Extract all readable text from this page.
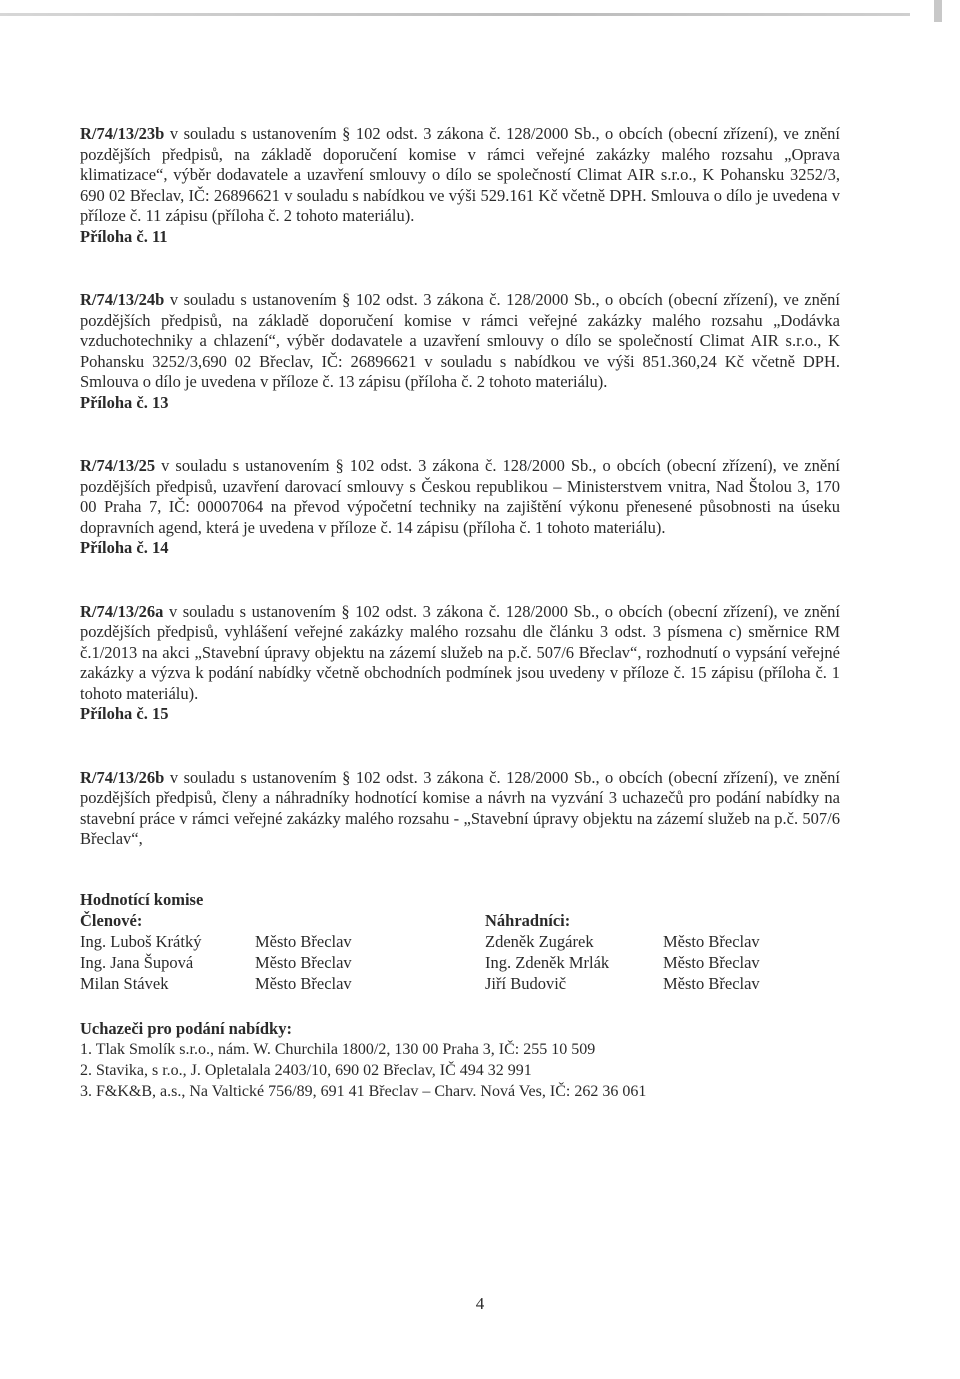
R/74/13/23b v souladu s ustanovením § 102 odst. 3 zákona č. 128/2000 Sb., o obcích (obecní zřízení), ve znění pozdějších předpisů, na základě doporučení komise v rámci veřejné zakázky malého rozsahu „Oprava klimatizace“, výběr dodavatele a uzavření smlouvy o dílo se společností Climat AIR s.r.o., K Pohansku 3252/3, 690 02 Břeclav, IČ: 26896621 v souladu s nabídkou ve výši 529.161 Kč včetně DPH. Smlouva o dílo je uvedena v příloze č. 11 zápisu (příloha č. 2 tohoto materiálu).

Příloha č. 11

R/74/13/24b v souladu s ustanovením § 102 odst. 3 zákona č. 128/2000 Sb., o obcích (obecní zřízení), ve znění pozdějších předpisů, na základě doporučení komise v rámci veřejné zakázky malého rozsahu „Dodávka vzduchotechniky a chlazení“, výběr dodavatele a uzavření smlouvy o dílo se společností Climat AIR s.r.o., K Pohansku 3252/3,690 02 Břeclav, IČ: 26896621 v souladu s nabídkou ve výši 851.360,24 Kč včetně DPH. Smlouva o dílo je uvedena v příloze č. 13 zápisu (příloha č. 2 tohoto materiálu).

Příloha č. 13

R/74/13/25 v souladu s ustanovením § 102 odst. 3 zákona č. 128/2000 Sb., o obcích (obecní zřízení), ve znění pozdějších předpisů, uzavření darovací smlouvy s Českou republikou – Ministerstvem vnitra, Nad Štolou 3, 170 00 Praha 7, IČ: 00007064 na převod výpočetní techniky na zajištění výkonu přenesené působnosti na úseku dopravních agend, která je uvedena v příloze č. 14 zápisu (příloha č. 1 tohoto materiálu).

Příloha č. 14

R/74/13/26a v souladu s ustanovením § 102 odst. 3 zákona č. 128/2000 Sb., o obcích (obecní zřízení), ve znění pozdějších předpisů, vyhlášení veřejné zakázky malého rozsahu dle článku 3 odst. 3 písmena c) směrnice RM č.1/2013 na akci „Stavební úpravy objektu na zázemí služeb na p.č. 507/6 Břeclav“, rozhodnutí o vypsání veřejné zakázky a výzva k podání nabídky včetně obchodních podmínek jsou uvedeny v příloze č. 15 zápisu (příloha č. 1 tohoto materiálu).

Příloha č. 15

R/74/13/26b v souladu s ustanovením § 102 odst. 3 zákona č. 128/2000 Sb., o obcích (obecní zřízení), ve znění pozdějších předpisů, členy a náhradníky hodnotící komise a návrh na vyzvání 3 uchazečů pro podání nabídky na stavební práce v rámci veřejné zakázky malého rozsahu - „Stavební úpravy objektu na zázemí služeb na p.č. 507/6 Břeclav“,

Hodnotící komise

Členové:
Ing. Luboš Krátký	Město Břeclav
Ing. Jana Šupová	Město Břeclav
Milan Stávek	Město Břeclav
Náhradníci:
Zdeněk Zugárek	Město Břeclav
Ing. Zdeněk Mrlák	Město Břeclav
Jiří Budovič	Město Břeclav

Uchazeči pro podání nabídky:

1. Tlak Smolík s.r.o., nám. W. Churchila 1800/2, 130 00 Praha 3, IČ: 255 10 509

2. Stavika, s r.o., J. Opletalala 2403/10, 690 02 Břeclav, IČ 494 32 991

3. F&K&B, a.s., Na Valtické 756/89, 691 41 Břeclav – Charv. Nová Ves, IČ: 262 36 061

4
